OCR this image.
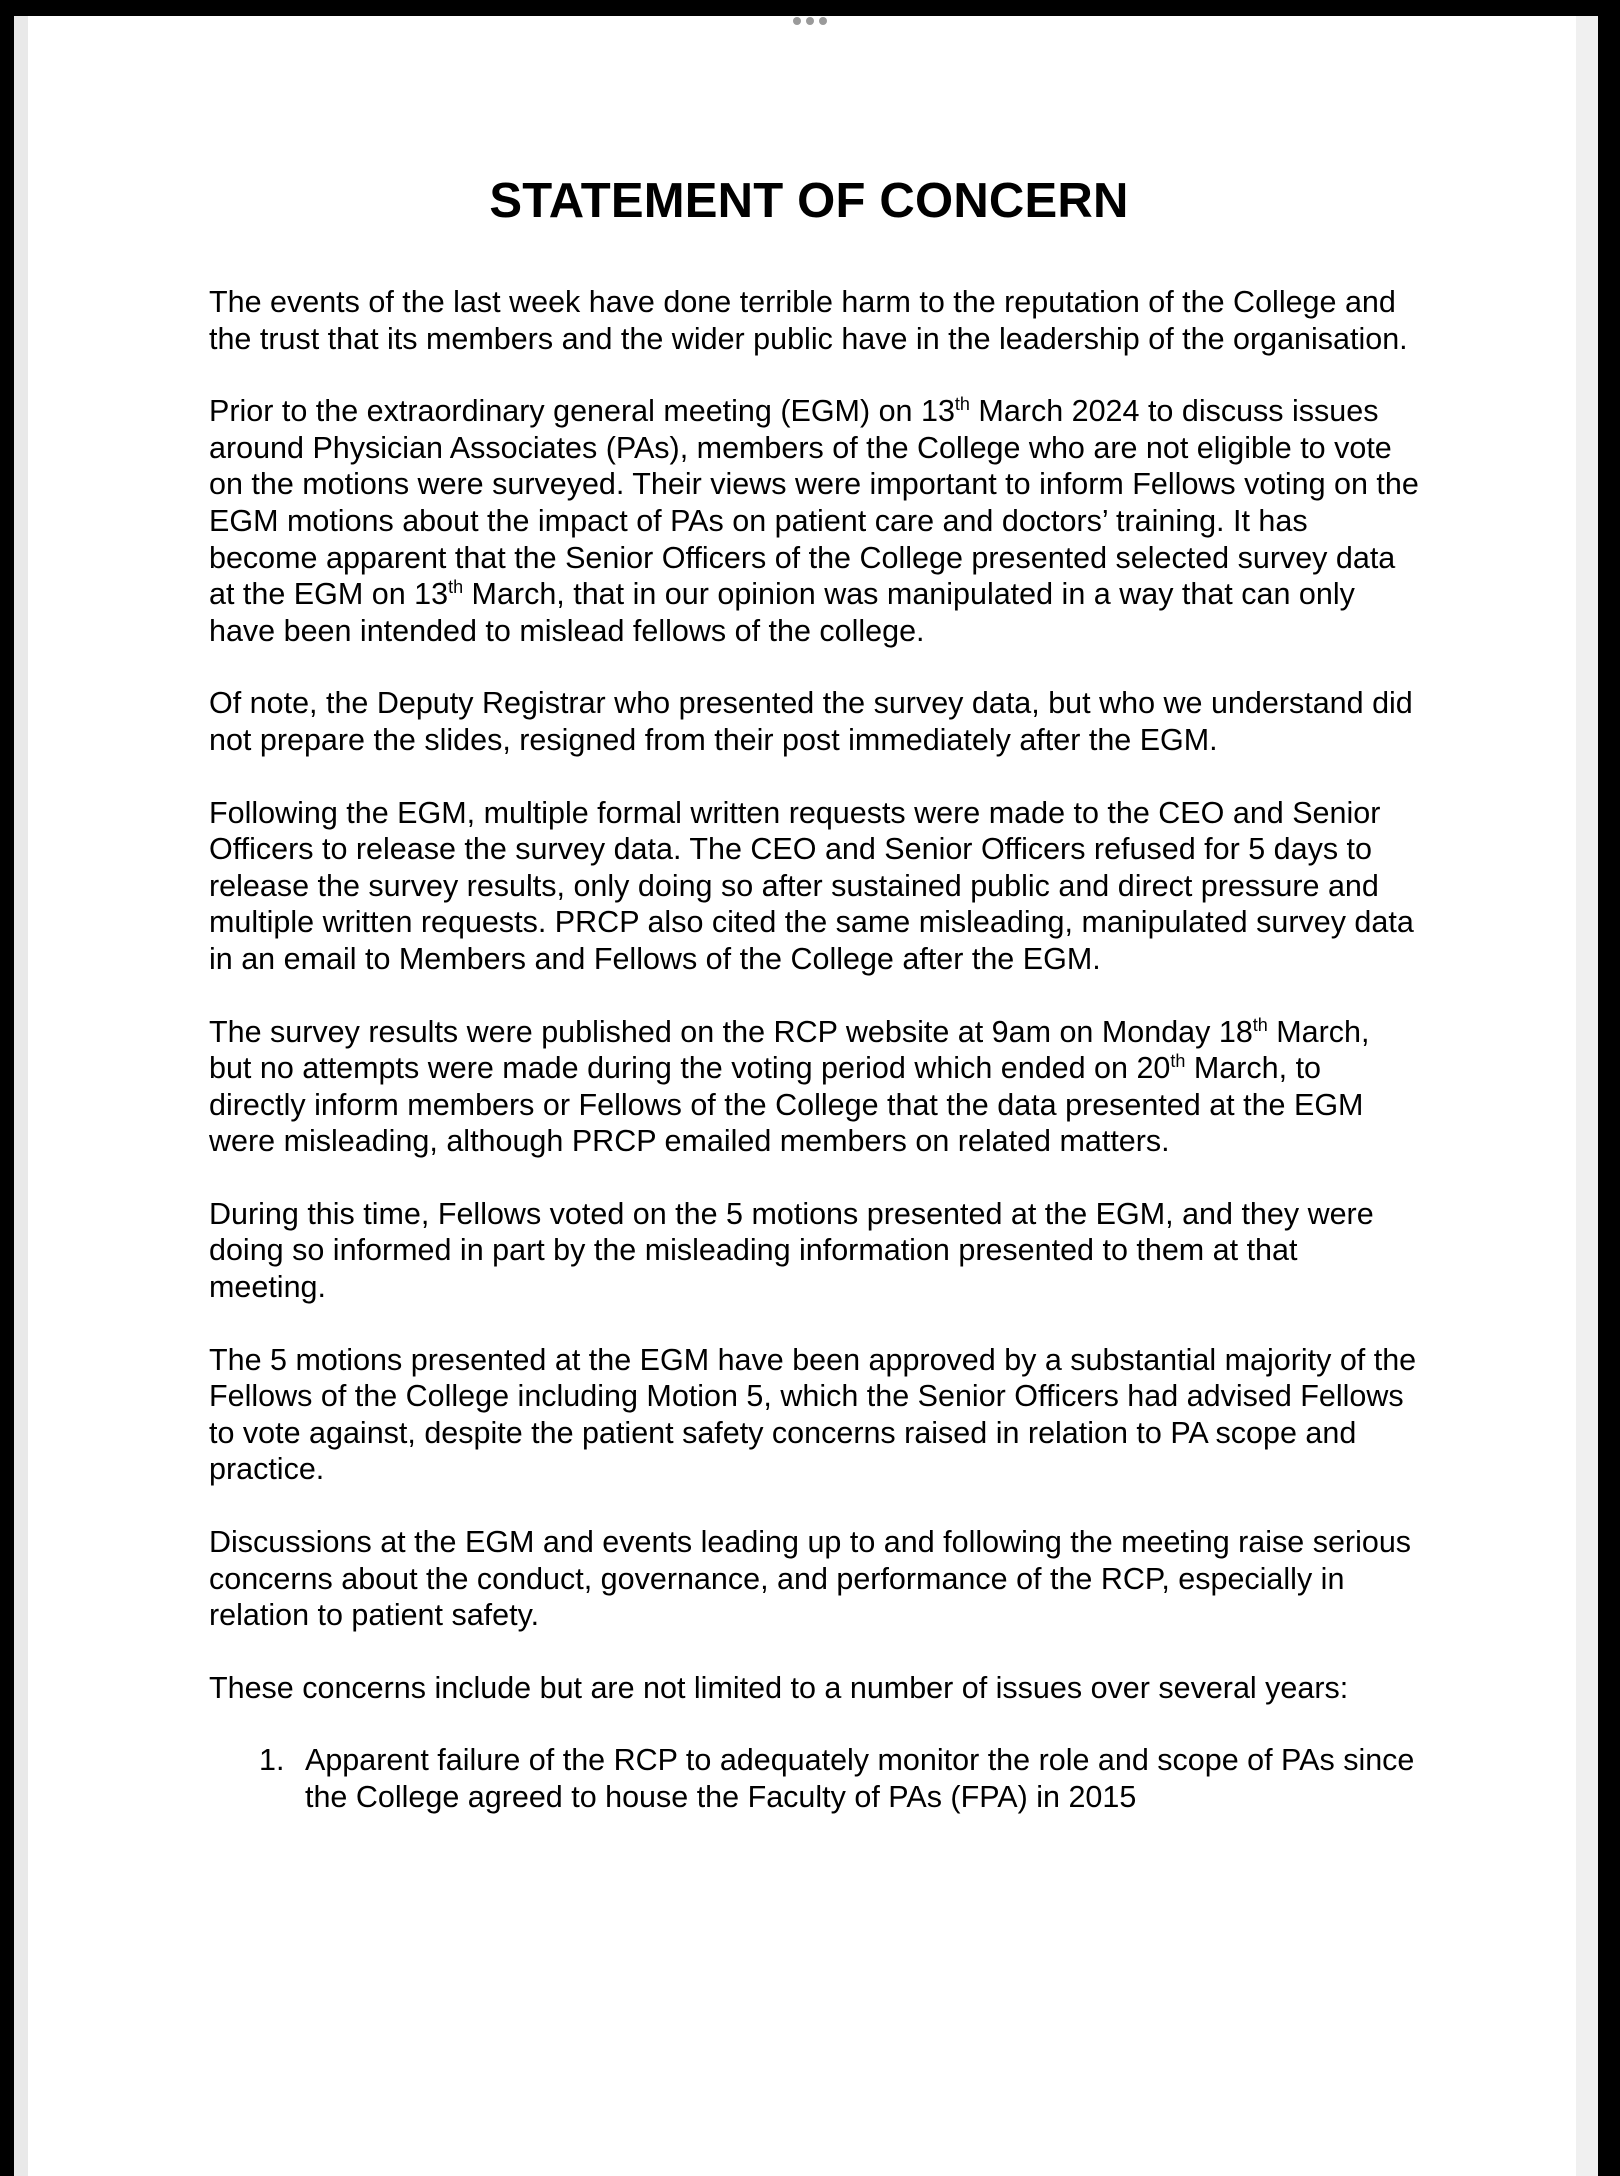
STATEMENT OF CONCERN

The events of the last week have done terrible harm to the reputation of the College and the trust that its members and the wider public have in the leadership of the organisation.

Prior to the extraordinary general meeting (EGM) on 13th March 2024 to discuss issues around Physician Associates (PAs), members of the College who are not eligible to vote on the motions were surveyed. Their views were important to inform Fellows voting on the EGM motions about the impact of PAs on patient care and doctors’ training. It has become apparent that the Senior Officers of the College presented selected survey data at the EGM on 13th March, that in our opinion was manipulated in a way that can only have been intended to mislead fellows of the college.

Of note, the Deputy Registrar who presented the survey data, but who we understand did not prepare the slides, resigned from their post immediately after the EGM.

Following the EGM, multiple formal written requests were made to the CEO and Senior Officers to release the survey data. The CEO and Senior Officers refused for 5 days to release the survey results, only doing so after sustained public and direct pressure and multiple written requests. PRCP also cited the same misleading, manipulated survey data in an email to Members and Fellows of the College after the EGM.

The survey results were published on the RCP website at 9am on Monday 18th March, but no attempts were made during the voting period which ended on 20th March, to directly inform members or Fellows of the College that the data presented at the EGM were misleading, although PRCP emailed members on related matters.

During this time, Fellows voted on the 5 motions presented at the EGM, and they were doing so informed in part by the misleading information presented to them at that meeting.

The 5 motions presented at the EGM have been approved by a substantial majority of the Fellows of the College including Motion 5, which the Senior Officers had advised Fellows to vote against, despite the patient safety concerns raised in relation to PA scope and practice.

Discussions at the EGM and events leading up to and following the meeting raise serious concerns about the conduct, governance, and performance of the RCP, especially in relation to patient safety.

These concerns include but are not limited to a number of issues over several years:

1. Apparent failure of the RCP to adequately monitor the role and scope of PAs since the College agreed to house the Faculty of PAs (FPA) in 2015
